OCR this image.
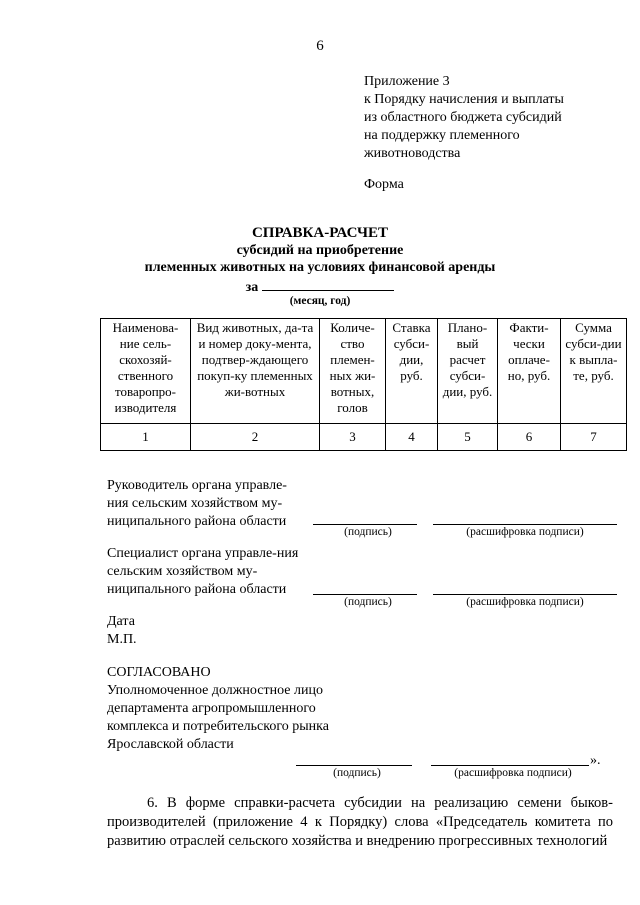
6
Приложение 3
к Порядку начисления и выплаты
из областного бюджета субсидий
на поддержку племенного
животноводства
Форма
СПРАВКА-РАСЧЕТ
субсидий на приобретение
племенных животных на условиях финансовой аренды
за
(месяц, год)
Наименова-ние сель-скохозяй-ственного товаропро-изводителя	Вид животных, да-та и номер доку-мента, подтвер-ждающего покуп-ку племенных жи-вотных	Количе-ство племен-ных жи-вотных, голов	Ставка субси-дии, руб.	Плано-вый расчет субси-дии, руб.	Факти-чески оплаче-но, руб.	Сумма субси-дии к выпла-те, руб.
1	2	3	4	5	6	7
Руководитель органа управле-ния сельским хозяйством му-ниципального района области
(подпись)	(расшифровка подписи)
Специалист органа управле-ния сельским хозяйством му-ниципального района области
(подпись)	(расшифровка подписи)
Дата
М.П.
СОГЛАСОВАНО
Уполномоченное должностное лицо департамента агропромышленного комплекса и потребительского рынка Ярославской области
».
(подпись)	(расшифровка подписи)
6. В форме справки-расчета субсидии на реализацию семени быков-производителей (приложение 4 к Порядку) слова «Председатель комитета по развитию отраслей сельского хозяйства и внедрению прогрессивных технологий
